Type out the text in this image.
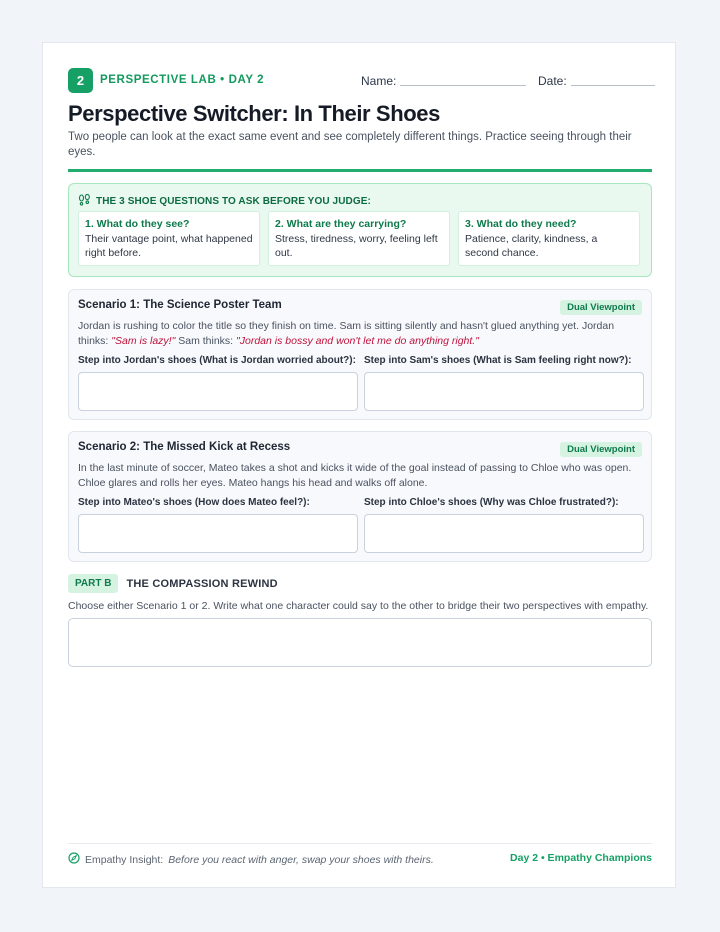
2	PERSPECTIVE LAB • DAY 2	Name:	Date:
Perspective Switcher: In Their Shoes
Two people can look at the exact same event and see completely different things. Practice seeing through their eyes.
THE 3 SHOE QUESTIONS TO ASK BEFORE YOU JUDGE:
1. What do they see?
Their vantage point, what happened right before.
2. What are they carrying?
Stress, tiredness, worry, feeling left out.
3. What do they need?
Patience, clarity, kindness, a second chance.
Scenario 1: The Science Poster Team	Dual Viewpoint
Jordan is rushing to color the title so they finish on time. Sam is sitting silently and hasn't glued anything yet. Jordan thinks: "Sam is lazy!" Sam thinks: "Jordan is bossy and won't let me do anything right."
Step into Jordan's shoes (What is Jordan worried about?): Step into Sam's shoes (What is Sam feeling right now?):
Scenario 2: The Missed Kick at Recess	Dual Viewpoint
In the last minute of soccer, Mateo takes a shot and kicks it wide of the goal instead of passing to Chloe who was open. Chloe glares and rolls her eyes. Mateo hangs his head and walks off alone.
Step into Mateo's shoes (How does Mateo feel?):	Step into Chloe's shoes (Why was Chloe frustrated?):
PART B	THE COMPASSION REWIND
Choose either Scenario 1 or 2. Write what one character could say to the other to bridge their two perspectives with empathy.
Empathy Insight: Before you react with anger, swap your shoes with theirs.	Day 2 • Empathy Champions
